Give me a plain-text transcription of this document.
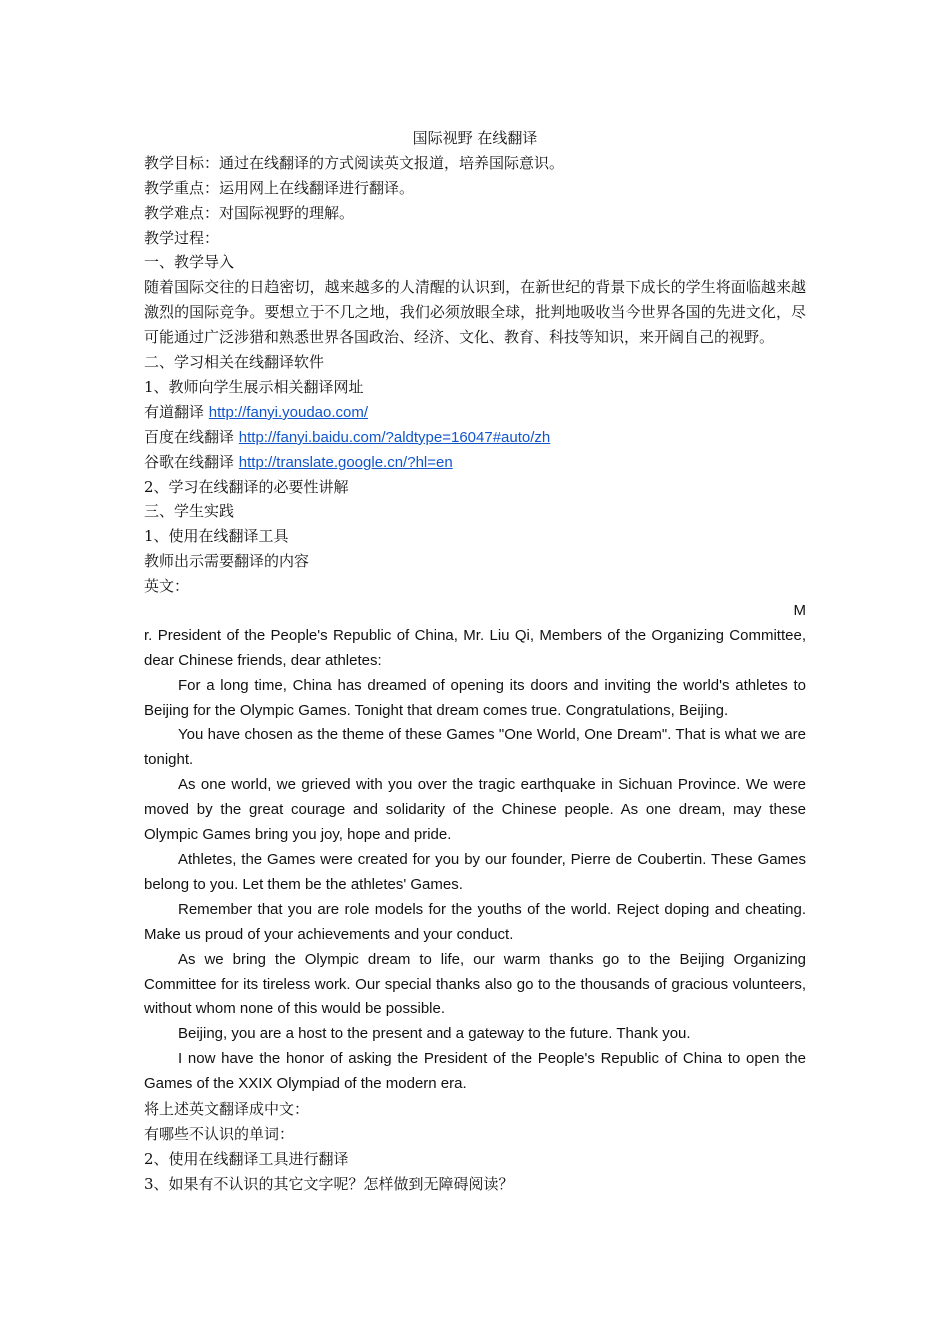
国际视野 在线翻译

教学目标：通过在线翻译的方式阅读英文报道，培养国际意识。

教学重点：运用网上在线翻译进行翻译。

教学难点：对国际视野的理解。

教学过程：

一、教学导入

随着国际交往的日趋密切，越来越多的人清醒的认识到，在新世纪的背景下成长的学生将面临越来越激烈的国际竞争。要想立于不几之地，我们必须放眼全球，批判地吸收当今世界各国的先进文化，尽可能通过广泛涉猎和熟悉世界各国政治、经济、文化、教育、科技等知识，来开阔自己的视野。

二、学习相关在线翻译软件

1、教师向学生展示相关翻译网址

有道翻译 http://fanyi.youdao.com/

百度在线翻译 http://fanyi.baidu.com/?aldtype=16047#auto/zh

谷歌在线翻译 http://translate.google.cn/?hl=en

2、学习在线翻译的必要性讲解

三、学生实践

1、使用在线翻译工具

教师出示需要翻译的内容

英文：

M

r. President of the People's Republic of China, Mr. Liu Qi, Members of the Organizing Committee, dear Chinese friends, dear athletes:

For a long time, China has dreamed of opening its doors and inviting the world's athletes to Beijing for the Olympic Games. Tonight that dream comes true. Congratulations, Beijing.

You have chosen as the theme of these Games "One World, One Dream". That is what we are tonight.

As one world, we grieved with you over the tragic earthquake in Sichuan Province. We were moved by the great courage and solidarity of the Chinese people. As one dream, may these Olympic Games bring you joy, hope and pride.

Athletes, the Games were created for you by our founder, Pierre de Coubertin. These Games belong to you. Let them be the athletes' Games.

Remember that you are role models for the youths of the world. Reject doping and cheating. Make us proud of your achievements and your conduct.

As we bring the Olympic dream to life, our warm thanks go to the Beijing Organizing Committee for its tireless work. Our special thanks also go to the thousands of gracious volunteers, without whom none of this would be possible.

Beijing, you are a host to the present and a gateway to the future. Thank you.

I now have the honor of asking the President of the People's Republic of China to open the Games of the XXIX Olympiad of the modern era.

将上述英文翻译成中文：

有哪些不认识的单词：

2、使用在线翻译工具进行翻译

3、如果有不认识的其它文字呢？怎样做到无障碍阅读？
